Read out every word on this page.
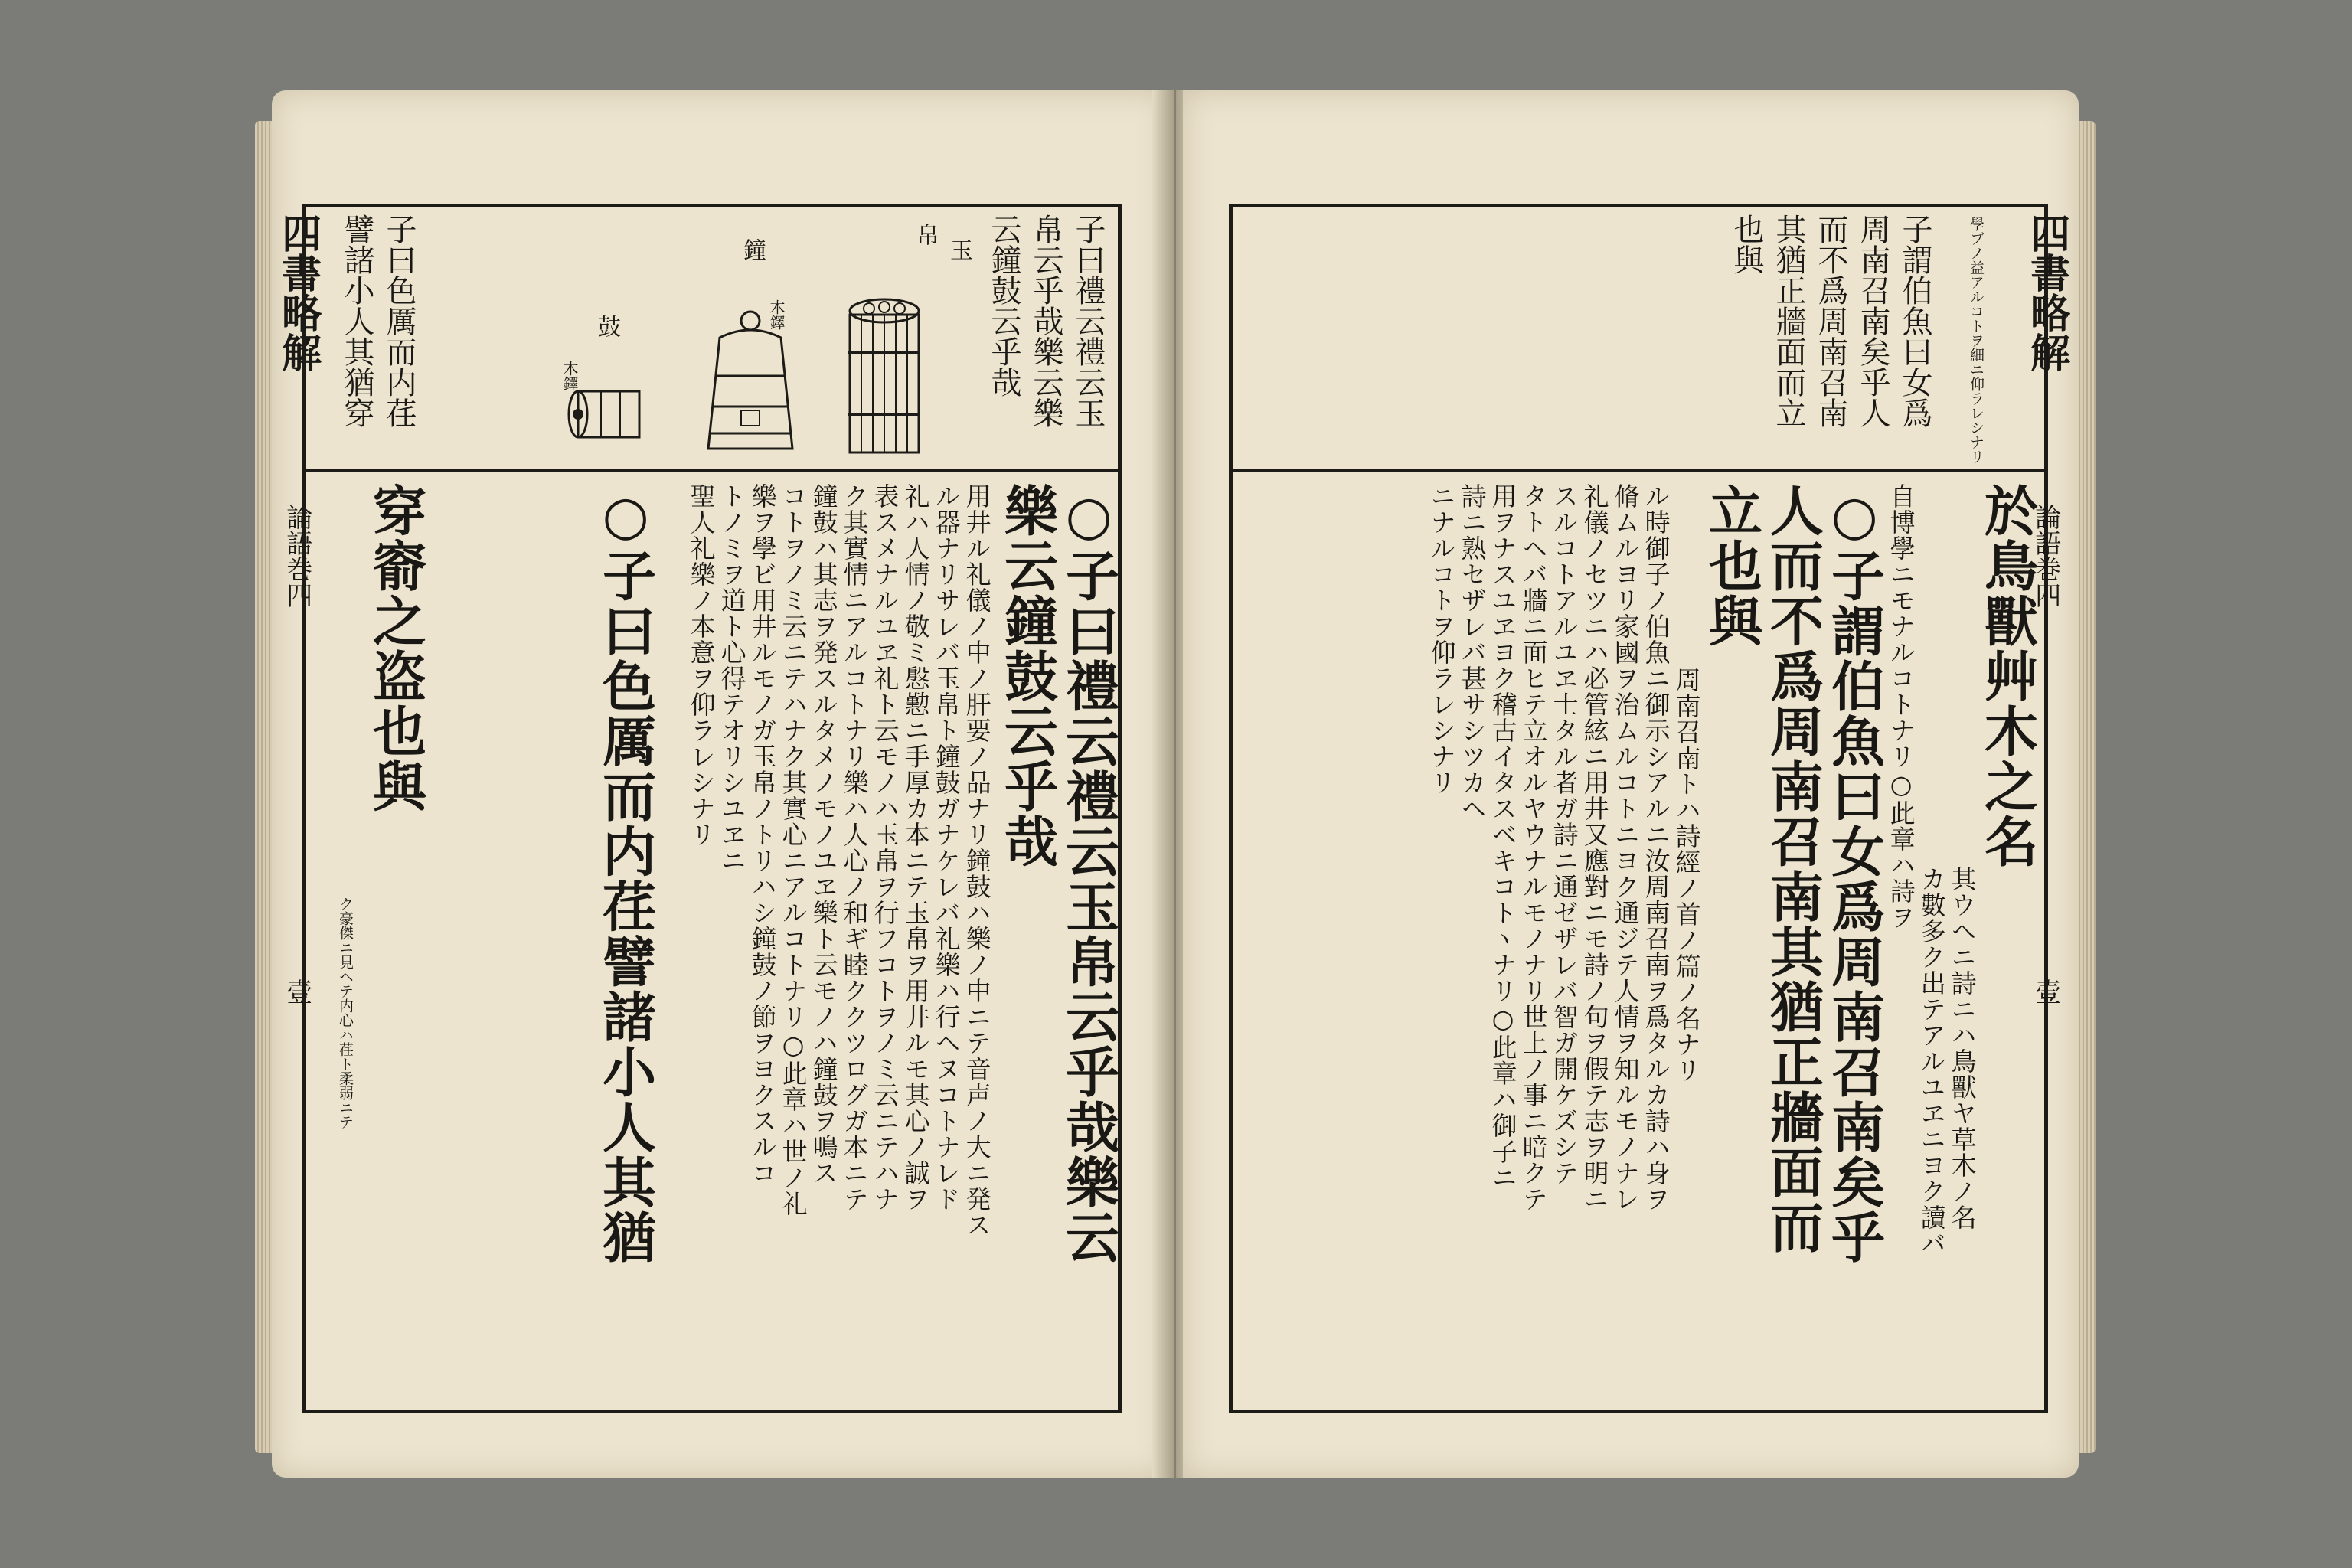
四書略解
論語巻四
壹
子曰禮云禮云玉
帛云乎哉樂云樂
云鐘鼓云乎哉
帛
玉
鐘
木鐸
鼓
木鐸
子曰色厲而内荏
譬諸小人其猶穿
○子曰禮云禮云玉帛云乎哉樂云
樂云鐘鼓云乎哉
用井ル礼儀ノ中ノ肝要ノ品ナリ鐘鼓ハ樂ノ中ニテ音声ノ大ニ発ス
ル器ナリサレバ玉帛ト鐘鼓ガナケレバ礼樂ハ行ヘヌコトナレド
礼ハ人情ノ敬ミ慇懃ニ手厚カ本ニテ玉帛ヲ用井ルモ其心ノ誠ヲ
表スメナルユヱ礼ト云モノハ玉帛ヲ行フコトヲノミ云ニテハナ
ク其實情ニアルコトナリ樂ハ人心ノ和ギ睦ククツログガ本ニテ
鐘鼓ハ其志ヲ発スルタメノモノユヱ樂ト云モノハ鐘鼓ヲ鳴ス
コトヲノミ云ニテハナク其實心ニアルコトナリ○此章ハ世ノ礼
樂ヲ學ビ用井ルモノガ玉帛ノトリハシ鐘鼓ノ節ヲヨクスルコ
トノミヲ道ト心得テオリシユヱニ
聖人礼樂ノ本意ヲ仰ラレシナリ
○子曰色厲而内荏譬諸小人其猶
穿窬之盗也與
ク豪傑ニ見ヘテ内心ハ荏ト柔弱ニテ
學ブノ益アルコトヲ細ニ仰ラレシナリ
子謂伯魚曰女爲
周南召南矣乎人
而不爲周南召南
其猶正牆面而立
也與
於鳥獸艸木之名
其ウヘニ詩ニハ鳥獸ヤ草木ノ名
カ數多ク出テアルユヱニヨク讀バ
自博學ニモナルコトナリ○此章ハ詩ヲ
○子謂伯魚曰女爲周南召南矣乎
人而不爲周南召南其猶正牆面而
立也與
周南召南トハ詩經ノ首ノ篇ノ名ナリ
ル時御子ノ伯魚ニ御示シアルニ汝周南召南ヲ爲タルカ詩ハ身ヲ
脩ムルヨリ家國ヲ治ムルコトニヨク通ジテ人情ヲ知ルモノナレ
礼儀ノセツニハ必管絃ニ用井又應對ニモ詩ノ句ヲ假テ志ヲ明ニ
スルコトアルユヱ士タル者ガ詩ニ通ゼザレバ智ガ開ケズシテ
タトヘバ牆ニ面ヒテ立オルヤウナルモノナリ世上ノ事ニ暗クテ
用ヲナスユヱヨク稽古イタスベキコトヽナリ○此章ハ御子ニ
詩ニ熟セザレバ甚サシツカヘ
ニナルコトヲ仰ラレシナリ
四書略解
論語巻四
壹
